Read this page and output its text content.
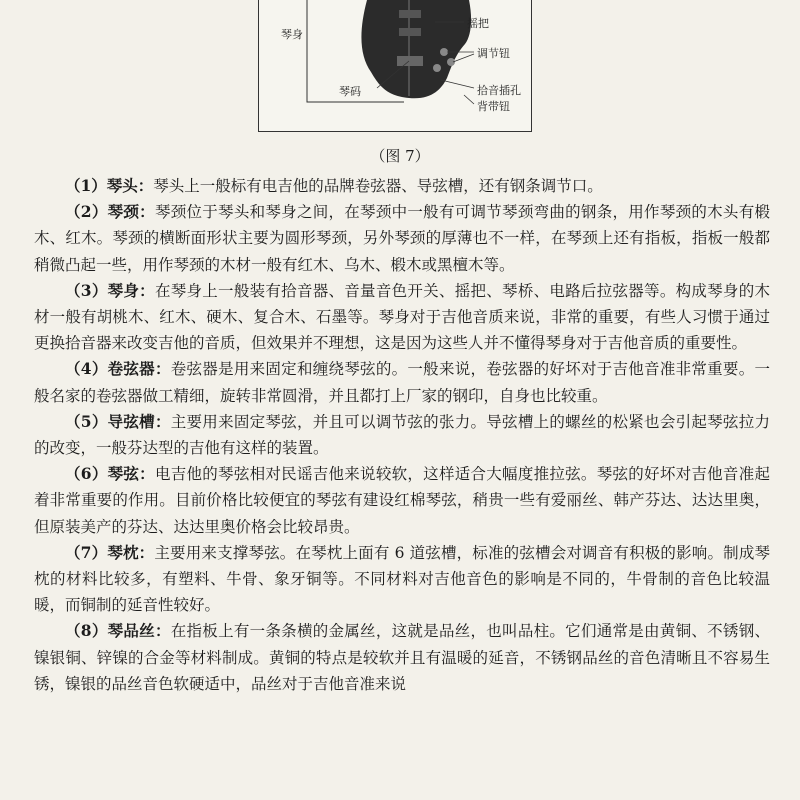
琴身
摇把
调节钮
琴码	拾音插孔
背带钮
（图 7）

（1）琴头：琴头上一般标有电吉他的品牌卷弦器、导弦槽，还有钢条调节口。

（2）琴颈：琴颈位于琴头和琴身之间，在琴颈中一般有可调节琴颈弯曲的钢条，用作琴颈的木头有椴木、红木。琴颈的横断面形状主要为圆形琴颈，另外琴颈的厚薄也不一样，在琴颈上还有指板，指板一般都稍微凸起一些，用作琴颈的木材一般有红木、乌木、椴木或黑檀木等。

（3）琴身：在琴身上一般装有拾音器、音量音色开关、摇把、琴桥、电路后拉弦器等。构成琴身的木材一般有胡桃木、红木、硬木、复合木、石墨等。琴身对于吉他音质来说，非常的重要，有些人习惯于通过更换拾音器来改变吉他的音质，但效果并不理想，这是因为这些人并不懂得琴身对于吉他音质的重要性。

（4）卷弦器：卷弦器是用来固定和缠绕琴弦的。一般来说，卷弦器的好坏对于吉他音准非常重要。一般名家的卷弦器做工精细，旋转非常圆滑，并且都打上厂家的钢印，自身也比较重。

（5）导弦槽：主要用来固定琴弦，并且可以调节弦的张力。导弦槽上的螺丝的松紧也会引起琴弦拉力的改变，一般芬达型的吉他有这样的装置。

（6）琴弦：电吉他的琴弦相对民谣吉他来说较软，这样适合大幅度推拉弦。琴弦的好坏对吉他音准起着非常重要的作用。目前价格比较便宜的琴弦有建设红棉琴弦，稍贵一些有爱丽丝、韩产芬达、达达里奥，但原装美产的芬达、达达里奥价格会比较昂贵。

（7）琴枕：主要用来支撑琴弦。在琴枕上面有 6 道弦槽，标准的弦槽会对调音有积极的影响。制成琴枕的材料比较多，有塑料、牛骨、象牙铜等。不同材料对吉他音色的影响是不同的，牛骨制的音色比较温暖，而铜制的延音性较好。

（8）琴品丝：在指板上有一条条横的金属丝，这就是品丝，也叫品柱。它们通常是由黄铜、不锈钢、镍银铜、锌镍的合金等材料制成。黄铜的特点是较软并且有温暖的延音，不锈钢品丝的音色清晰且不容易生锈，镍银的品丝音色软硬适中，品丝对于吉他音准来说
